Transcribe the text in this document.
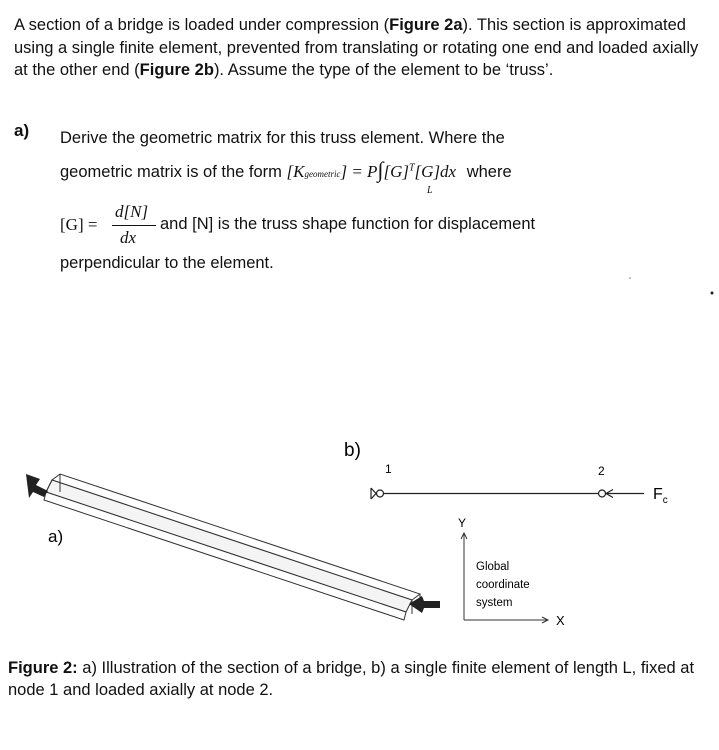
A section of a bridge is loaded under compression (Figure 2a). This section is approximated using a single finite element, prevented from translating or rotating one end and loaded axially at the other end (Figure 2b). Assume the type of the element to be ‘truss’.
a) Derive the geometric matrix for this truss element. Where the
geometric matrix is of the form [Kgeometric] = $P\int[G]^T[G]dx$ where
L
[G] =
d[N]
dx
and [N] is the truss shape function for displacement
perpendicular to the element.
a)
b)
1	2
$F_c$
Y
X
Global
coordinate
system
Figure 2: a) Illustration of the section of a bridge, b) a single finite element of length L, fixed at node 1 and loaded axially at node 2.
